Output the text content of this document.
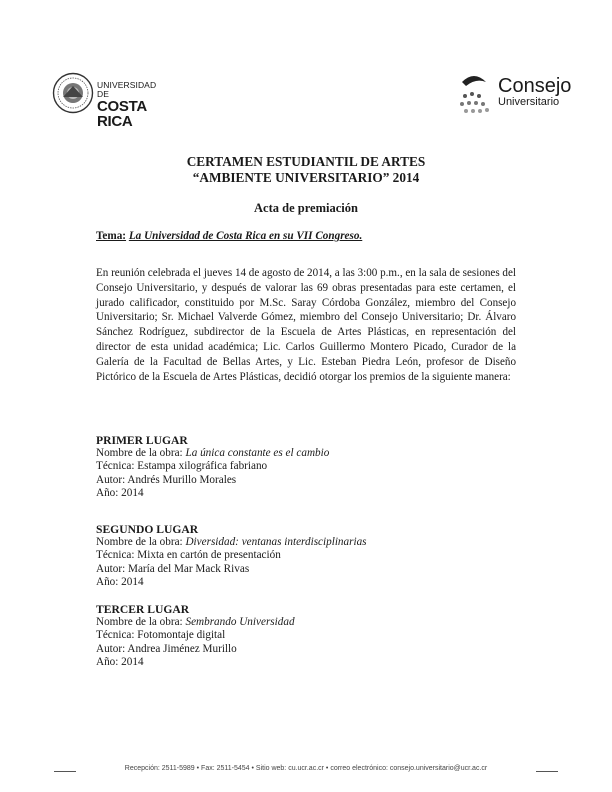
UNIVERSIDAD DE
COSTA RICA
Consejo
Universitario
CERTAMEN ESTUDIANTIL DE ARTES
“AMBIENTE UNIVERSITARIO” 2014
Acta de premiación
Tema: La Universidad de Costa Rica en su VII Congreso.
En reunión celebrada el jueves 14 de agosto de 2014, a las 3:00 p.m., en la sala de sesiones del Consejo Universitario, y después de valorar las 69 obras presentadas para este certamen, el jurado calificador, constituido por M.Sc. Saray Córdoba González, miembro del Consejo Universitario; Sr. Michael Valverde Gómez, miembro del Consejo Universitario; Dr. Álvaro Sánchez Rodríguez, subdirector de la Escuela de Artes Plásticas, en representación del director de esta unidad académica; Lic. Carlos Guillermo Montero Picado, Curador de la Galería de la Facultad de Bellas Artes, y Lic. Esteban Piedra León, profesor de Diseño Pictórico de la Escuela de Artes Plásticas, decidió otorgar los premios de la siguiente manera:
PRIMER LUGAR
Nombre de la obra: La única constante es el cambio
Técnica: Estampa xilográfica fabriano
Autor: Andrés Murillo Morales
Año: 2014
SEGUNDO LUGAR
Nombre de la obra: Diversidad: ventanas interdisciplinarias
Técnica: Mixta en cartón de presentación
Autor: María del Mar Mack Rivas
Año: 2014
TERCER LUGAR
Nombre de la obra: Sembrando Universidad
Técnica: Fotomontaje digital
Autor: Andrea Jiménez Murillo
Año: 2014
Recepción: 2511-5989 • Fax: 2511-5454 • Sitio web: cu.ucr.ac.cr • correo electrónico: consejo.universitario@ucr.ac.cr
